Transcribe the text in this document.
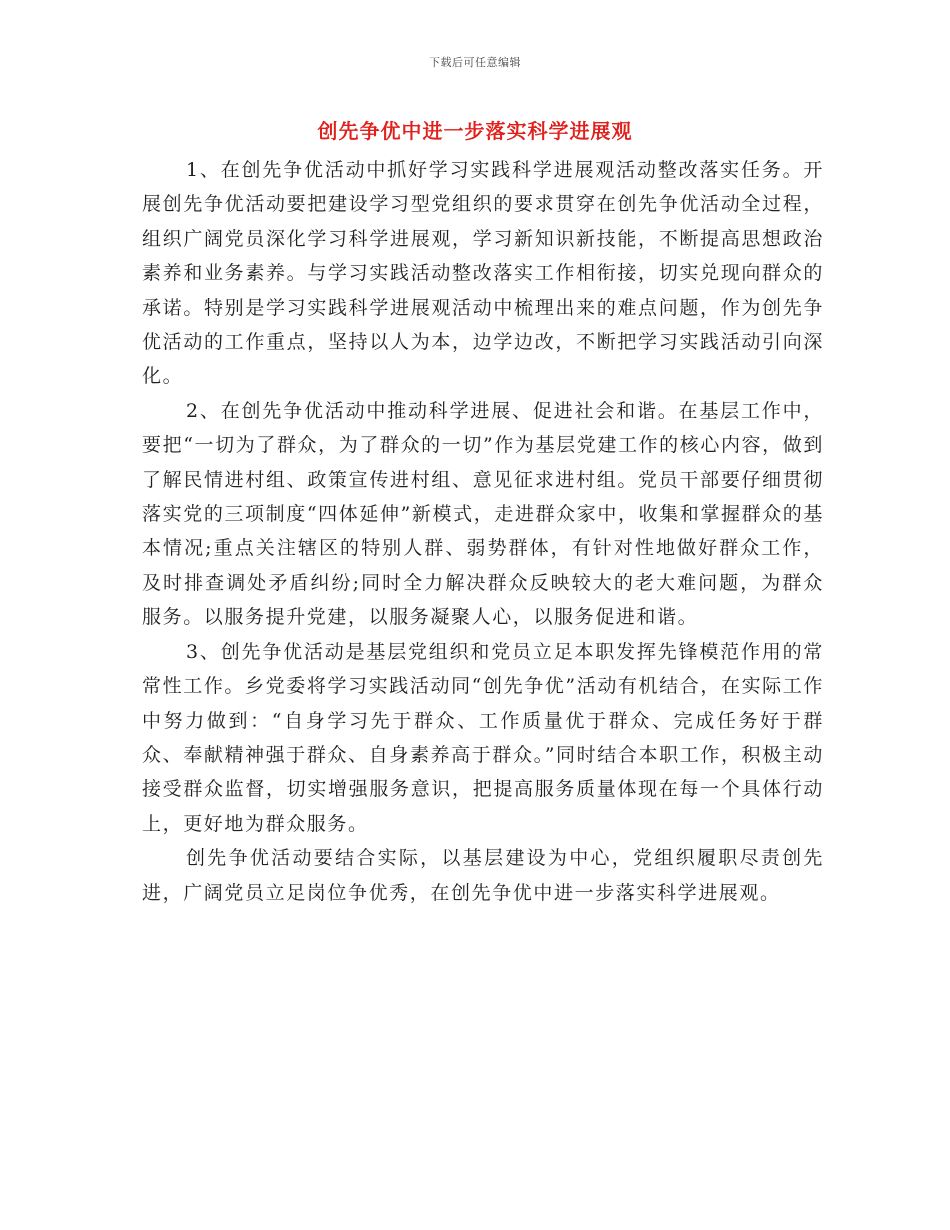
下载后可任意编辑
创先争优中进一步落实科学进展观

1、在创先争优活动中抓好学习实践科学进展观活动整改落实任务。开展创先争优活动要把建设学习型党组织的要求贯穿在创先争优活动全过程，组织广阔党员深化学习科学进展观，学习新知识新技能，不断提高思想政治素养和业务素养。与学习实践活动整改落实工作相衔接，切实兑现向群众的承诺。特别是学习实践科学进展观活动中梳理出来的难点问题，作为创先争优活动的工作重点，坚持以人为本，边学边改，不断把学习实践活动引向深化。

2、在创先争优活动中推动科学进展、促进社会和谐。在基层工作中，要把“一切为了群众，为了群众的一切”作为基层党建工作的核心内容，做到了解民情进村组、政策宣传进村组、意见征求进村组。党员干部要仔细贯彻落实党的三项制度“四体延伸”新模式，走进群众家中，收集和掌握群众的基本情况;重点关注辖区的特别人群、弱势群体，有针对性地做好群众工作，及时排查调处矛盾纠纷;同时全力解决群众反映较大的老大难问题，为群众服务。以服务提升党建，以服务凝聚人心，以服务促进和谐。

3、创先争优活动是基层党组织和党员立足本职发挥先锋模范作用的常常性工作。乡党委将学习实践活动同“创先争优”活动有机结合，在实际工作中努力做到：“自身学习先于群众、工作质量优于群众、完成任务好于群众、奉献精神强于群众、自身素养高于群众。”同时结合本职工作，积极主动接受群众监督，切实增强服务意识，把提高服务质量体现在每一个具体行动上，更好地为群众服务。

创先争优活动要结合实际，以基层建设为中心，党组织履职尽责创先进，广阔党员立足岗位争优秀，在创先争优中进一步落实科学进展观。
